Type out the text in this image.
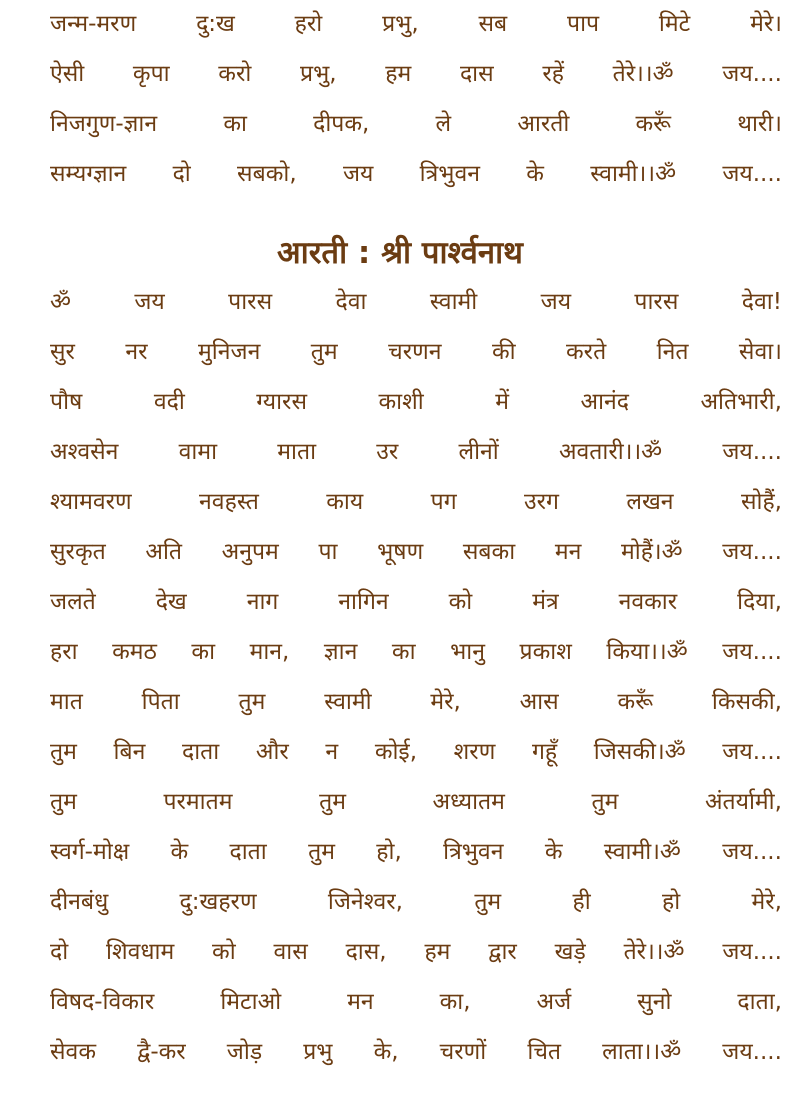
जन्म-मरण	दु:ख	हरो	प्रभु,	सब	पाप	मिटे	मेरे।
ऐसी कृपा करो प्रभु, हम दास रहें तेरे।।ॐ जय....
निजगुण-ज्ञान	का	दीपक,	ले	आरती	करूँ	थारी।
सम्यग्ज्ञान दो सबको, जय त्रिभुवन के स्वामी।।ॐ जय....
आरती : श्री पार्श्वनाथ
ॐ	जय	पारस	देवा	स्वामी	जय	पारस	देवा!
सुर नर मुनिजन तुम चरणन की करते नित सेवा।
पौष	वदी	ग्यारस	काशी	में	आनंद	अतिभारी,
अश्वसेन	वामा	माता	उर	लीनों	अवतारी।।ॐ	जय....
श्यामवरण	नवहस्त	काय	पग	उरग	लखन	सोहैं,
सुरकृत अति अनुपम पा भूषण सबका मन मोहैं।ॐ जय....
जलते	देख	नाग	नागिन	को	मंत्र	नवकार	दिया,
हरा कमठ का मान, ज्ञान का भानु प्रकाश किया।।ॐ जय....
मात	पिता	तुम	स्वामी	मेरे,	आस	करूँ	किसकी,
तुम बिन दाता और न कोई, शरण गहूँ जिसकी।ॐ जय....
तुम	परमातम	तुम	अध्यातम	तुम	अंतर्यामी,
स्वर्ग-मोक्ष के दाता तुम हो, त्रिभुवन के स्वामी।ॐ जय....
दीनबंधु	दु:खहरण	जिनेश्वर,	तुम	ही	हो	मेरे,
दो शिवधाम को वास दास, हम द्वार खड़े तेरे।।ॐ जय....
विषद-विकार	मिटाओ	मन	का,	अर्ज	सुनो	दाता,
सेवक द्वै-कर जोड़ प्रभु के, चरणों चित लाता।।ॐ जय....
